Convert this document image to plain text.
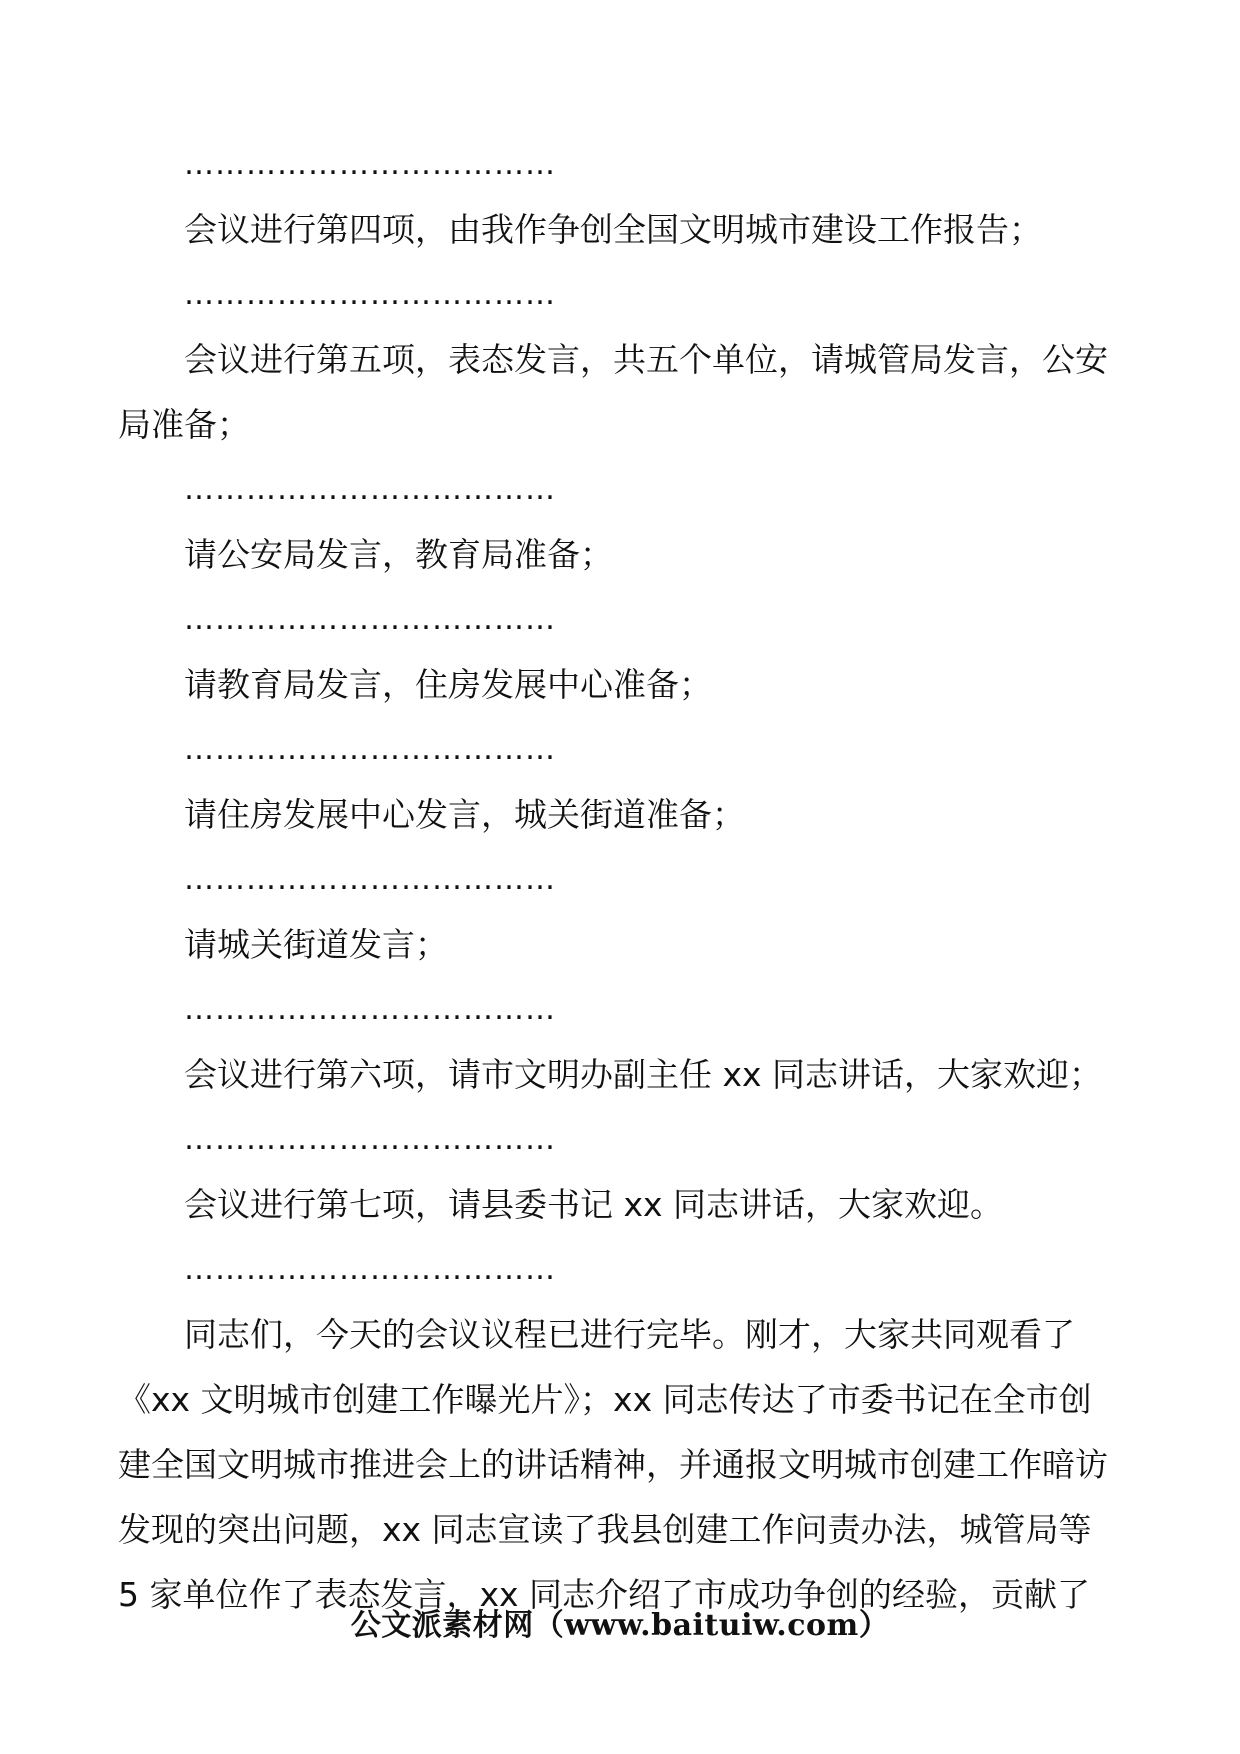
………………………………

会议进行第四项，由我作争创全国文明城市建设工作报告；

………………………………

会议进行第五项，表态发言，共五个单位，请城管局发言，公安

局准备；

………………………………

请公安局发言，教育局准备；

………………………………

请教育局发言，住房发展中心准备；

………………………………

请住房发展中心发言，城关街道准备；

………………………………

请城关街道发言；

………………………………

会议进行第六项，请市文明办副主任 xx 同志讲话，大家欢迎；

………………………………

会议进行第七项，请县委书记 xx 同志讲话，大家欢迎。

………………………………

同志们，今天的会议议程已进行完毕。刚才，大家共同观看了
《xx 文明城市创建工作曝光片》；xx 同志传达了市委书记在全市创
建全国文明城市推进会上的讲话精神，并通报文明城市创建工作暗访
发现的突出问题，xx 同志宣读了我县创建工作问责办法，城管局等
5 家单位作了表态发言，xx 同志介绍了市成功争创的经验，贡献了
公文派素材网（www.baituiw.com）
